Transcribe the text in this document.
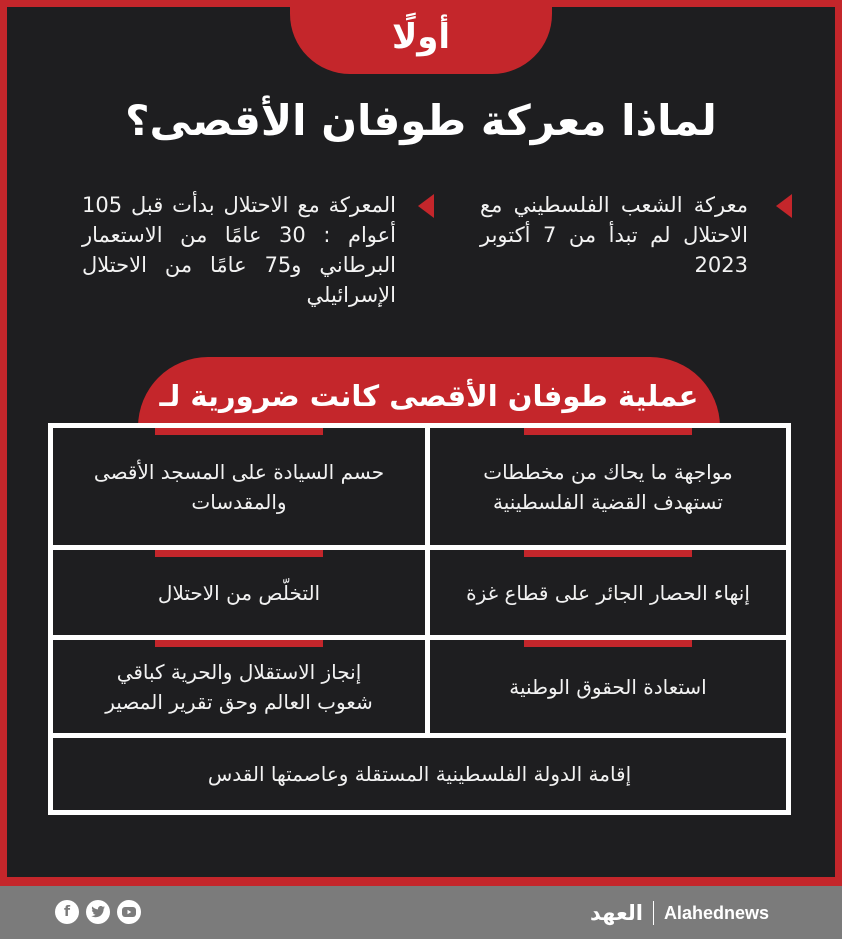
أولًا
لماذا معركة طوفان الأقصى؟
معركة الشعب الفلسطيني مع الاحتلال لم تبدأ من 7 أكتوبر 2023
المعركة مع الاحتلال بدأت قبل 105 أعوام : 30 عامًا من الاستعمار البرطاني و75 عامًا من الاحتلال الإسرائيلي
عملية طوفان الأقصى كانت ضرورية لـ
مواجهة ما يحاك من مخططات تستهدف القضية الفلسطينية
حسم السيادة على المسجد الأقصى والمقدسات
إنهاء الحصار الجائر على قطاع غزة
التخلّص من الاحتلال
استعادة الحقوق الوطنية
إنجاز الاستقلال والحرية كباقي شعوب العالم وحق تقرير المصير
إقامة الدولة الفلسطينية المستقلة وعاصمتها القدس
f	العهد Alahednews
